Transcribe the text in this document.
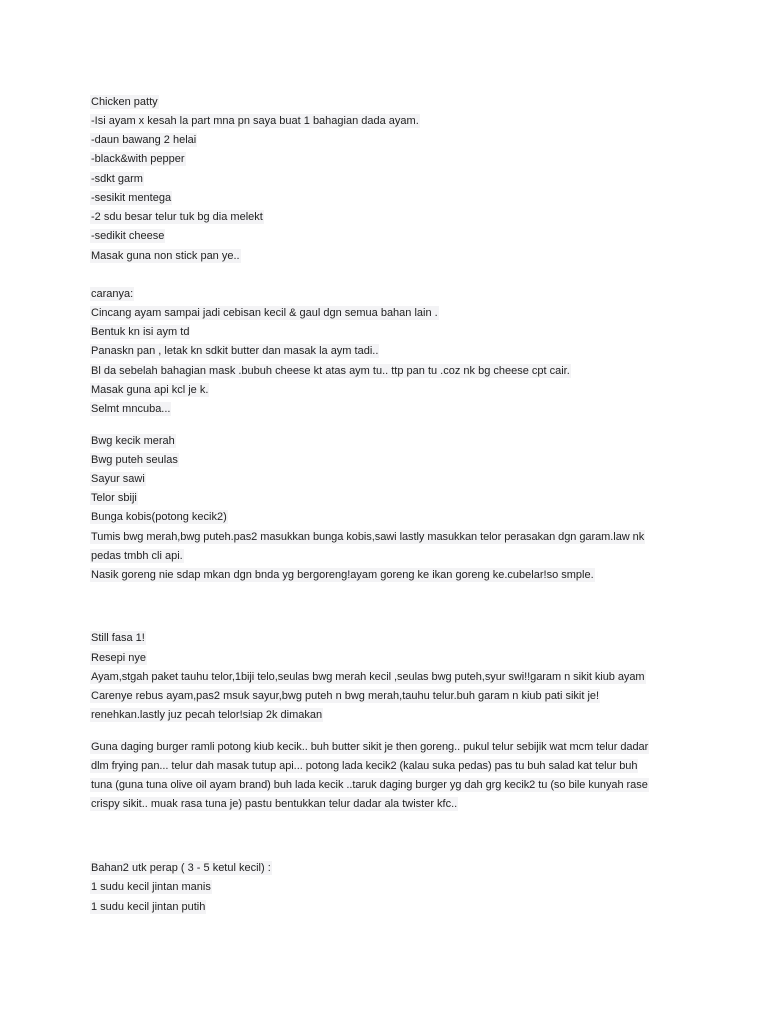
Chicken patty
-Isi ayam x kesah la part mna pn saya buat 1 bahagian dada ayam.
-daun bawang 2 helai
-black&with pepper
-sdkt garm
-sesikit mentega
-2 sdu besar telur tuk bg dia melekt
-sedikit cheese
Masak guna non stick pan ye..
caranya:
Cincang ayam sampai jadi cebisan kecil & gaul dgn semua bahan lain .
Bentuk kn isi aym td
Panaskn pan , letak kn sdkit butter dan masak la aym tadi..
Bl da sebelah bahagian mask .bubuh cheese kt atas aym tu.. ttp pan tu .coz nk bg cheese cpt cair.
Masak guna api kcl je k.
Selmt mncuba...
Bwg kecik merah
Bwg puteh seulas
Sayur sawi
Telor sbiji
Bunga kobis(potong kecik2)
Tumis bwg merah,bwg puteh.pas2 masukkan bunga kobis,sawi lastly masukkan telor perasakan dgn garam.law nk
pedas tmbh cli api.
Nasik goreng nie sdap mkan dgn bnda yg bergoreng!ayam goreng ke ikan goreng ke.cubelar!so smple.
Still fasa 1!
Resepi nye
Ayam,stgah paket tauhu telor,1biji telo,seulas bwg merah kecil ,seulas bwg puteh,syur swi!!garam n sikit kiub ayam
Carenye rebus ayam,pas2 msuk sayur,bwg puteh n bwg merah,tauhu telur.buh garam n kiub pati sikit je!
renehkan.lastly juz pecah telor!siap 2k dimakan
Guna daging burger ramli potong kiub kecik.. buh butter sikit je then goreng.. pukul telur sebijik wat mcm telur dadar
dlm frying pan... telur dah masak tutup api... potong lada kecik2 (kalau suka pedas) pas tu buh salad kat telur buh
tuna (guna tuna olive oil ayam brand) buh lada kecik ..taruk daging burger yg dah grg kecik2 tu (so bile kunyah rase
crispy sikit.. muak rasa tuna je) pastu bentukkan telur dadar ala twister kfc..
Bahan2 utk perap ( 3 - 5 ketul kecil) :
1 sudu kecil jintan manis
1 sudu kecil jintan putih
